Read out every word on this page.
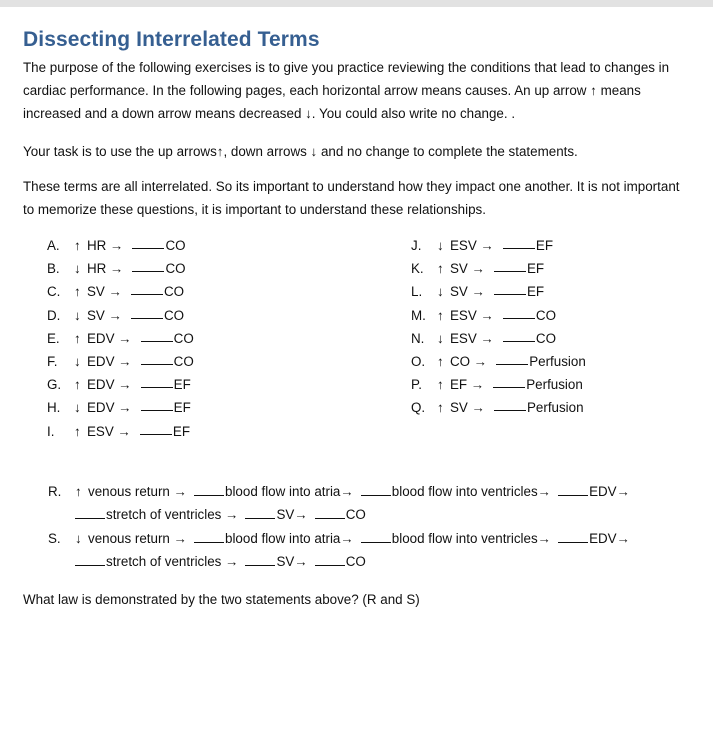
Dissecting Interrelated Terms

The purpose of the following exercises is to give you practice reviewing the conditions that lead to changes in cardiac performance. In the following pages, each horizontal arrow means causes. An up arrow ↑ means increased and a down arrow means decreased ↓. You could also write no change. .

Your task is to use the up arrows↑, down arrows ↓ and no change to complete the statements.

These terms are all interrelated. So its important to understand how they impact one another. It is not important to memorize these questions, it is important to understand these relationships.

A.	↑ HR →	CO
B.	↓ HR →	CO
C.	↑ SV →	CO
D.	↓ SV →	CO
E.	↑ EDV →	CO
F.	↓ EDV →	CO
G. ↑ EDV →	EF
H.	↓ EDV →	EF
I.	↑ ESV →	EF
J.	↓ ESV →	EF
K. ↑ SV →	EF
L.	↓ SV →	EF
M. ↑ ESV →	CO
N. ↓ ESV →	CO
O. ↑ CO →	Perfusion
P.	↑ EF →	Perfusion
Q. ↑ SV →	Perfusion
R. ↑ venous return →	blood flow into atria→	blood flow into ventricles→	EDV→
stretch of ventricles →	SV→	CO
S. ↓ venous return →	blood flow into atria→	blood flow into ventricles→	EDV→
stretch of ventricles →	SV→	CO
What law is demonstrated by the two statements above? (R and S)
